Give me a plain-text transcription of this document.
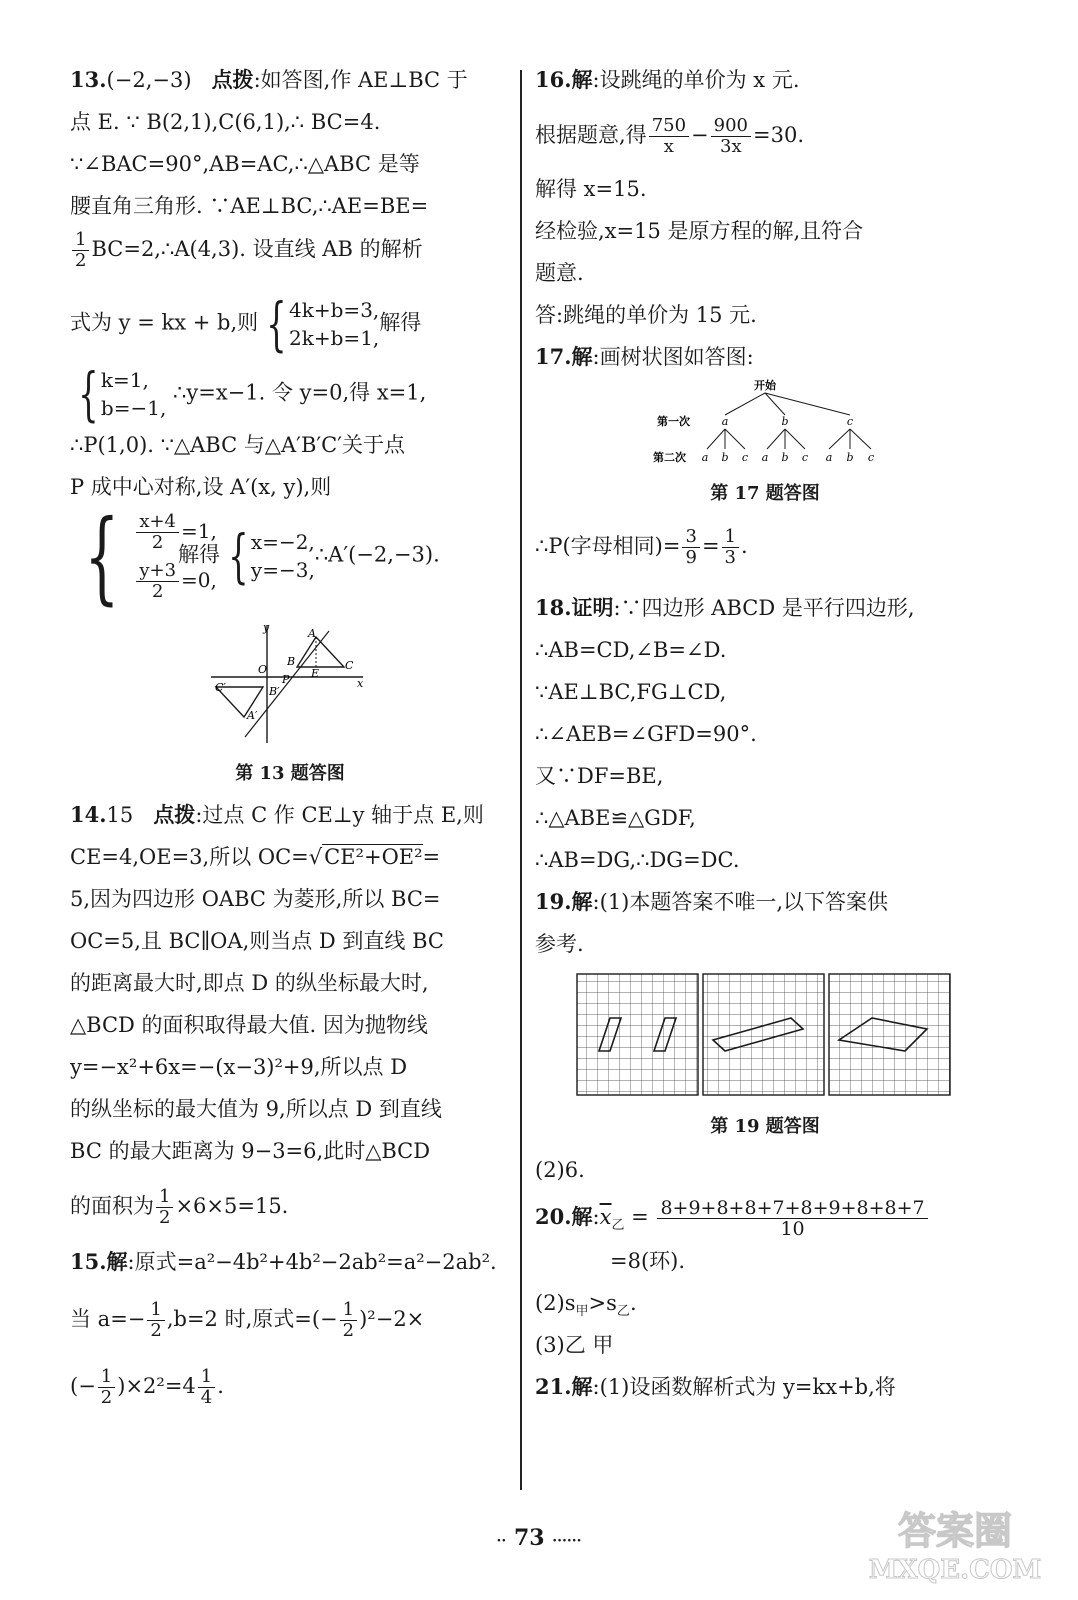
13.(−2,−3) 点拨:如答图,作 AE⊥BC 于
点 E. ∵ B(2,1),C(6,1),∴ BC=4.
∵∠BAC=90°,AB=AC,∴△ABC 是等
腰直角三角形. ∵AE⊥BC,∴AE=BE=
$\frac{1}{2}$ BC=2,∴A(4,3). 设直线 AB 的解析
式为 y = kx + b,则 { 4k+b=3,
2k+b=1,
解得
{ k=1,
b=−1,
∴y=x−1. 令 y=0,得 x=1,
∴P(1,0). ∵△ABC 与△A′B′C′关于点
P 成中心对称,设 A′(x, y),则
{ $\frac{x+4}{2} =1$,
$\frac{y+3}{2} =0$,
解得 { x=−2,
y=−3,
∴A′(−2,−3).
y
x
O
A
B
E
C
P
C′	B′
A′
第 13 题答图
14.15 点拨:过点 C 作 CE⊥y 轴于点 E,则
CE=4,OE=3,所以 OC=√CE²+OE²=
5,因为四边形 OABC 为菱形,所以 BC=
OC=5,且 BC∥OA,则当点 D 到直线 BC
的距离最大时,即点 D 的纵坐标最大时,
△BCD 的面积取得最大值. 因为抛物线
y=−x²+6x=−(x−3)²+9,所以点 D
的纵坐标的最大值为 9,所以点 D 到直线
BC 的最大距离为 9−3=6,此时△BCD
的面积为 $\frac{1}{2} \times 6\times 5=15$.
15.解:原式=a²−4b²+4b²−2ab²=a²−2ab².
当 $a=- \frac{1}{2} ,b=2$ 时,原式=(− $\frac{1}{2} )^2-2\times$
(− $\frac{1}{2} )\times 2^2=4 \frac{1}{4}$ .
16.解:设跳绳的单价为 x 元.
根据题意,得 $\frac{750}{x} - \frac{900}{3x} =30$.
解得 x=15.
经检验,x=15 是原方程的解,且符合
题意.
答:跳绳的单价为 15 元.
17.解:画树状图如答图:
开始
第一次	a	b	c
第二次 a b c a b c a b c
第 17 题答图
∴P(字母相同)= $\frac{3}{9} = \frac{1}{3}$ .
18.证明:∵四边形 ABCD 是平行四边形,
∴AB=CD,∠B=∠D.
∵AE⊥BC,FG⊥CD,
∴∠AEB=∠GFD=90°.
又∵DF=BE,
∴△ABE≌△GDF,
∴AB=DG,∴DG=DC.
19.解:(1)本题答案不唯一,以下答案供
参考.
第 19 题答图
(2)6.
20.解$:\overline{x}_乙 = \frac{8+9+8+8+7+8+9+8+8+7}{10}$
=8(环).
$(2)s_甲>s_乙$.
(3)乙 甲
21.解:(1)设函数解析式为 y=kx+b,将
·· 73 ······	答案圈
MXQE.COM
